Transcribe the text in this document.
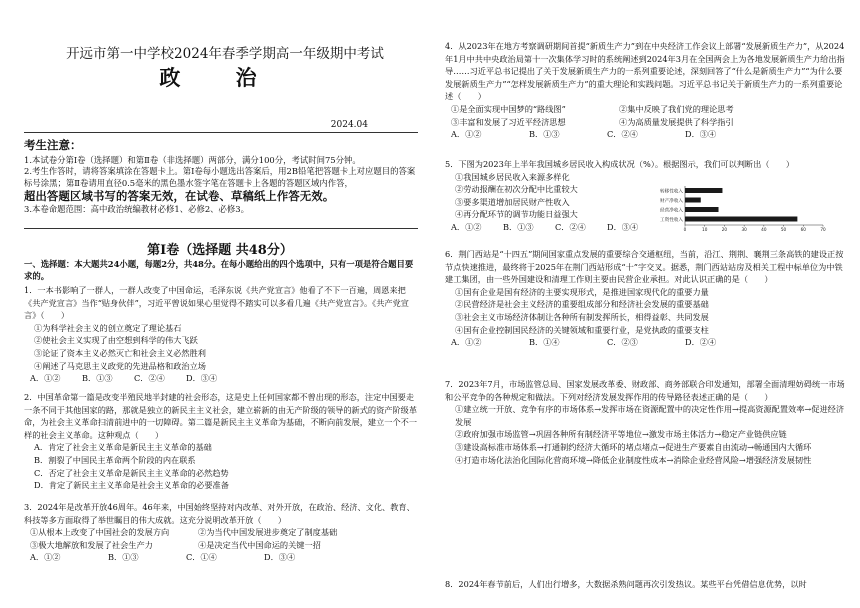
开远市第一中学校2024年春季学期高一年级期中考试
政 治
2024.04
考生注意：
1.本试卷分第Ⅰ卷（选择题）和第Ⅱ卷（非选择题）两部分，满分100分，考试时间75分钟。
2.考生作答时，请将答案填涂在答题卡上。第Ⅰ卷每小题选出答案后，用2B铅笔把答题卡上对应题目的答案标号涂黑；第Ⅱ卷请用直径0.5毫米的黑色墨水签字笔在答题卡上各题的答题区域内作答，
超出答题区域书写的答案无效，在试卷、草稿纸上作答无效。
3.本卷命题范围：高中政治统编教材必修1、必修2、必修3。
第Ⅰ卷（选择题 共48分）
一、选择题：本大题共24小题，每题2分，共48分。在每小题给出的四个选项中，只有一项是符合题目要求的。
1．一本书影响了一群人，一群人改变了中国命运，毛泽东说《共产党宣言》他看了不下一百遍，周恩来把《共产党宣言》当作“贴身伙伴”，习近平曾说如果心里觉得不踏实可以多看几遍《共产党宣言》。《共产党宣言》（　　）
①为科学社会主义的创立奠定了理论基石
②使社会主义实现了由空想到科学的伟大飞跃
③论证了资本主义必然灭亡和社会主义必然胜利
④阐述了马克思主义政党的先进品格和政治立场
A．①②	B．①③	C．②④	D．③④
2．中国革命第一篇是改变半殖民地半封建的社会形态，这是史上任何国家都不曾出现的形态，注定中国要走一条不同于其他国家的路，那就是独立的新民主主义社会，建立崭新的由无产阶级的领导的新式的资产阶级革命，为社会主义革命扫清前进中的一切障碍。第二篇是新民主主义革命为基础，不断向前发展，建立一个不一样的社会主义革命。这种观点（　　）
A．肯定了社会主义革命是新民主主义革命的基础
B．割裂了中国民主革命两个阶段的内在联系
C．否定了社会主义革命是新民主主义革命的必然趋势
D．肯定了新民主主义革命是社会主义革命的必要准备
3．2024年是改革开放46周年。46年来，中国始终坚持对内改革、对外开放，在政治、经济、文化、教育、科技等多方面取得了举世瞩目的伟大成就。这充分说明改革开放（　　）
①从根本上改变了中国社会的发展方向	②为当代中国发展进步奠定了制度基础
③极大地解放和发展了社会生产力	④是决定当代中国命运的关键一招
A．①②	B．①③	C．①④	D．③④
4．从2023年在地方考察调研期间首提“新质生产力”到在中央经济工作会议上部署“发展新质生产力”，从2024年1月中共中央政治局第十一次集体学习时的系统阐述到2024年3月在全国两会上为各地发展新质生产力给出指导……习近平总书记提出了关于发展新质生产力的一系列重要论述，深刻回答了“什么是新质生产力”“为什么要发展新质生产力”“怎样发展新质生产力”的重大理论和实践问题。习近平总书记关于新质生产力的一系列重要论述（　　）
①是全面实现中国梦的“路线图”	②集中反映了我们党的理论思考
③丰富和发展了习近平经济思想	④为高质量发展提供了科学指引
A．①②	B．①③	C．②④	D．③④
5．下图为2023年上半年我国城乡居民收入构成状况（%）。根据图示，我们可以判断出（　　）
①我国城乡居民收入来源多样化
②劳动报酬在初次分配中比重较大
③要多渠道增加居民财产性收入
④再分配环节的调节功能日益强大
A．①②	B．①③	C．②④	D．③④
转移性收入
财产净收入
经营净收入
工资性收入
0	10	20	30	40	50	60	70
6．荆门西站是“十四五”期间国家重点发展的重要综合交通枢纽，当前，沿江、荆荆、襄荆三条高铁的建设正按节点快速推进，最终将于2025年在荆门西站形成“十”字交叉。据悉，荆门西站站房及相关工程中标单位为中铁建工集团，由一些外国建设和清理工作则主要由民营企业承担。对此认识正确的是（　　）
①国有企业是国有经济的主要实现形式，是推进国家现代化的重要力量
②民营经济是社会主义经济的重要组成部分和经济社会发展的重要基础
③社会主义市场经济体制让各种所有制发挥所长，相得益彰、共同发展
④国有企业控制国民经济的关键领域和重要行业，是党执政的重要支柱
A．①②	B．①④	C．②③	D．②④
7．2023年7月，市场监管总局、国家发展改革委、财政部、商务部联合印发通知，部署全面清理妨碍统一市场和公平竞争的各种规定和做法。下列对经济发展发挥作用的传导路径表述正确的是（　　）
①建立统一开放、竞争有序的市场体系→发挥市场在资源配置中的决定性作用→提高资源配置效率→促进经济发展
②政府加强市场监管→巩固各种所有制经济平等地位→激发市场主体活力→稳定产业链供应链
③建设高标准市场体系→打通制约经济大循环的堵点堵点→促进生产要素自由流动→畅通国内大循环
④打造市场化法治化国际化营商环境→降低企业制度性成本→消除企业经营风险→增强经济发展韧性
8．2024年春节前后，人们出行增多，大数据杀熟问题再次引发热议。某些平台凭借信息优势，以时
